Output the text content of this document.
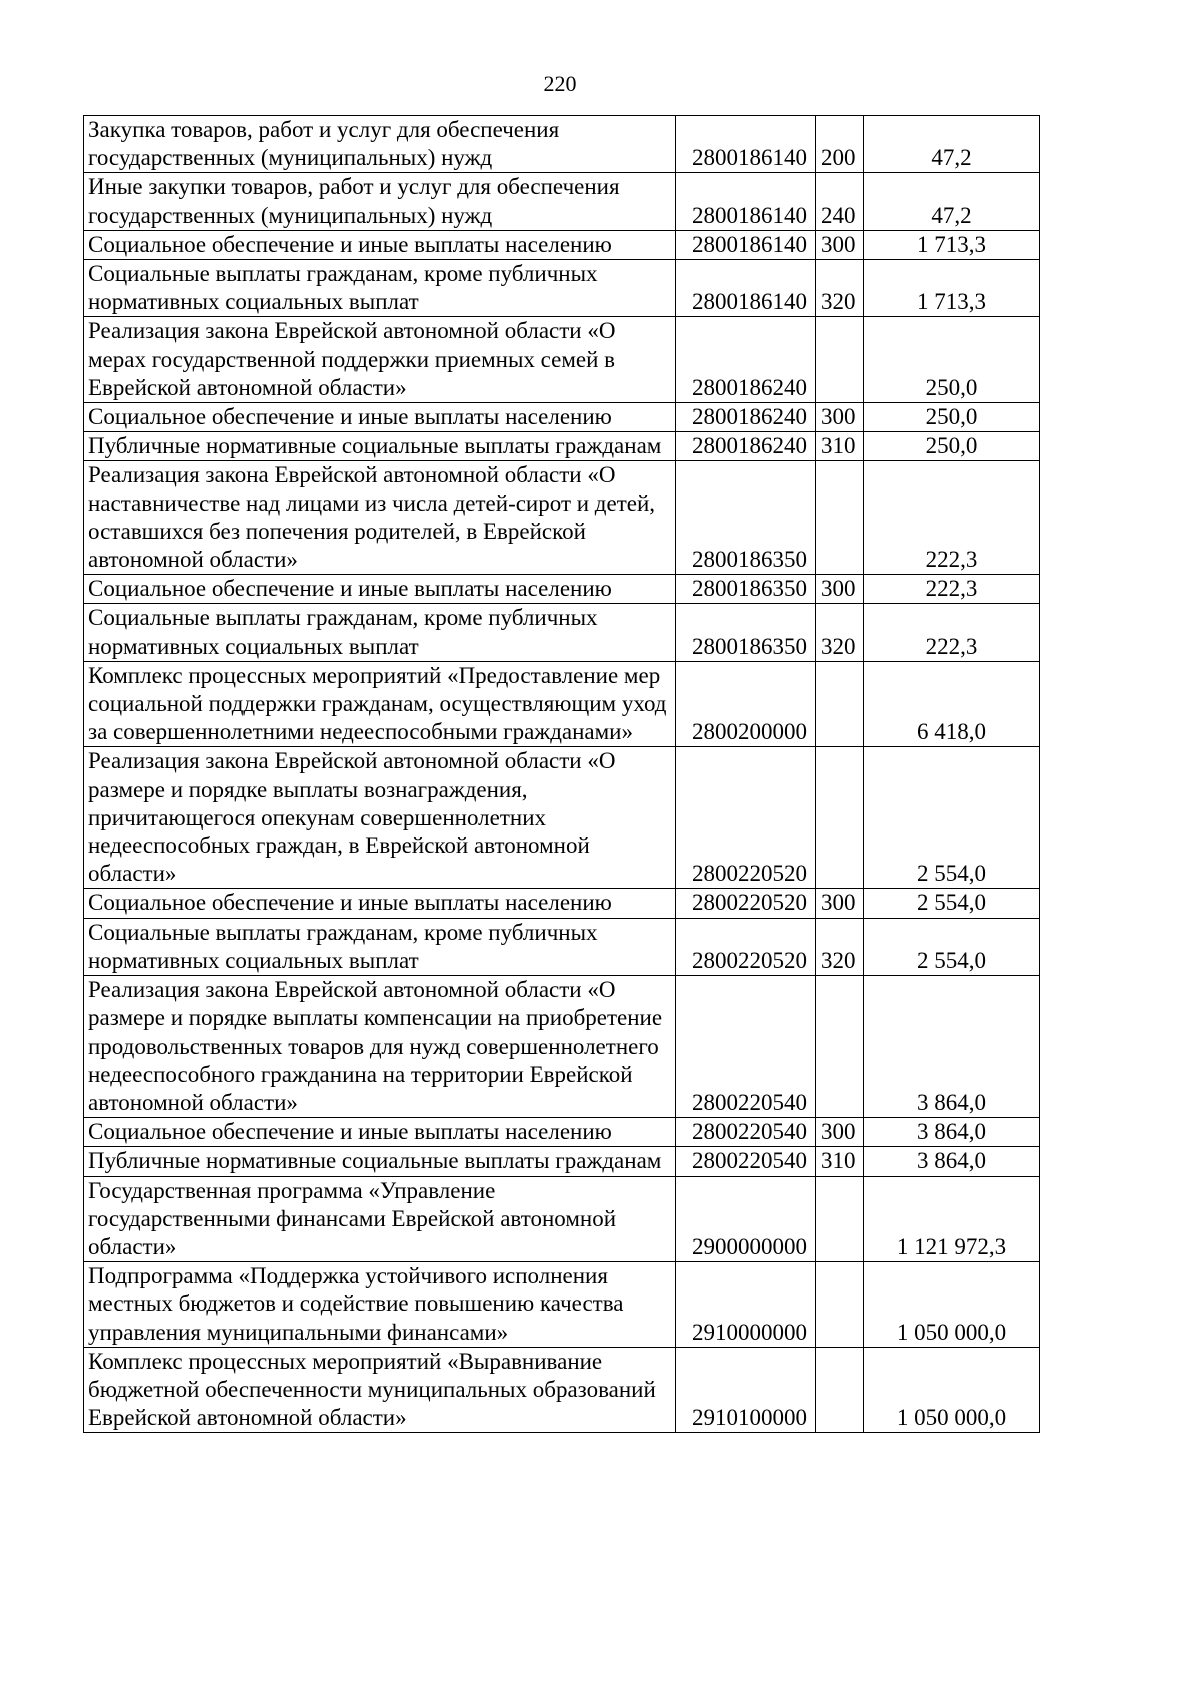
220
Закупка товаров, работ и услуг для обеспечения государственных (муниципальных) нужд	2800186140	200	47,2
Иные закупки товаров, работ и услуг для обеспечения государственных (муниципальных) нужд	2800186140	240	47,2
Социальное обеспечение и иные выплаты населению	2800186140	300	1 713,3
Социальные выплаты гражданам, кроме публичных нормативных социальных выплат	2800186140	320	1 713,3
Реализация закона Еврейской автономной области «О мерах государственной поддержки приемных семей в Еврейской автономной области»	2800186240		250,0
Социальное обеспечение и иные выплаты населению	2800186240	300	250,0
Публичные нормативные социальные выплаты гражданам	2800186240	310	250,0
Реализация закона Еврейской автономной области «О наставничестве над лицами из числа детей-сирот и детей, оставшихся без попечения родителей, в Еврейской автономной области»	2800186350		222,3
Социальное обеспечение и иные выплаты населению	2800186350	300	222,3
Социальные выплаты гражданам, кроме публичных нормативных социальных выплат	2800186350	320	222,3
Комплекс процессных мероприятий «Предоставление мер социальной поддержки гражданам, осуществляющим уход за совершеннолетними недееспособными гражданами»	2800200000		6 418,0
Реализация закона Еврейской автономной области «О размере и порядке выплаты вознаграждения, причитающегося опекунам совершеннолетних недееспособных граждан, в Еврейской автономной области»	2800220520		2 554,0
Социальное обеспечение и иные выплаты населению	2800220520	300	2 554,0
Социальные выплаты гражданам, кроме публичных нормативных социальных выплат	2800220520	320	2 554,0
Реализация закона Еврейской автономной области «О размере и порядке выплаты компенсации на приобретение продовольственных товаров для нужд совершеннолетнего недееспособного гражданина на территории Еврейской автономной области»	2800220540		3 864,0
Социальное обеспечение и иные выплаты населению	2800220540	300	3 864,0
Публичные нормативные социальные выплаты гражданам	2800220540	310	3 864,0
Государственная программа «Управление государственными финансами Еврейской автономной области»	2900000000		1 121 972,3
Подпрограмма «Поддержка устойчивого исполнения местных бюджетов и содействие повышению качества управления муниципальными финансами»	2910000000		1 050 000,0
Комплекс процессных мероприятий «Выравнивание бюджетной обеспеченности муниципальных образований Еврейской автономной области»	2910100000		1 050 000,0
